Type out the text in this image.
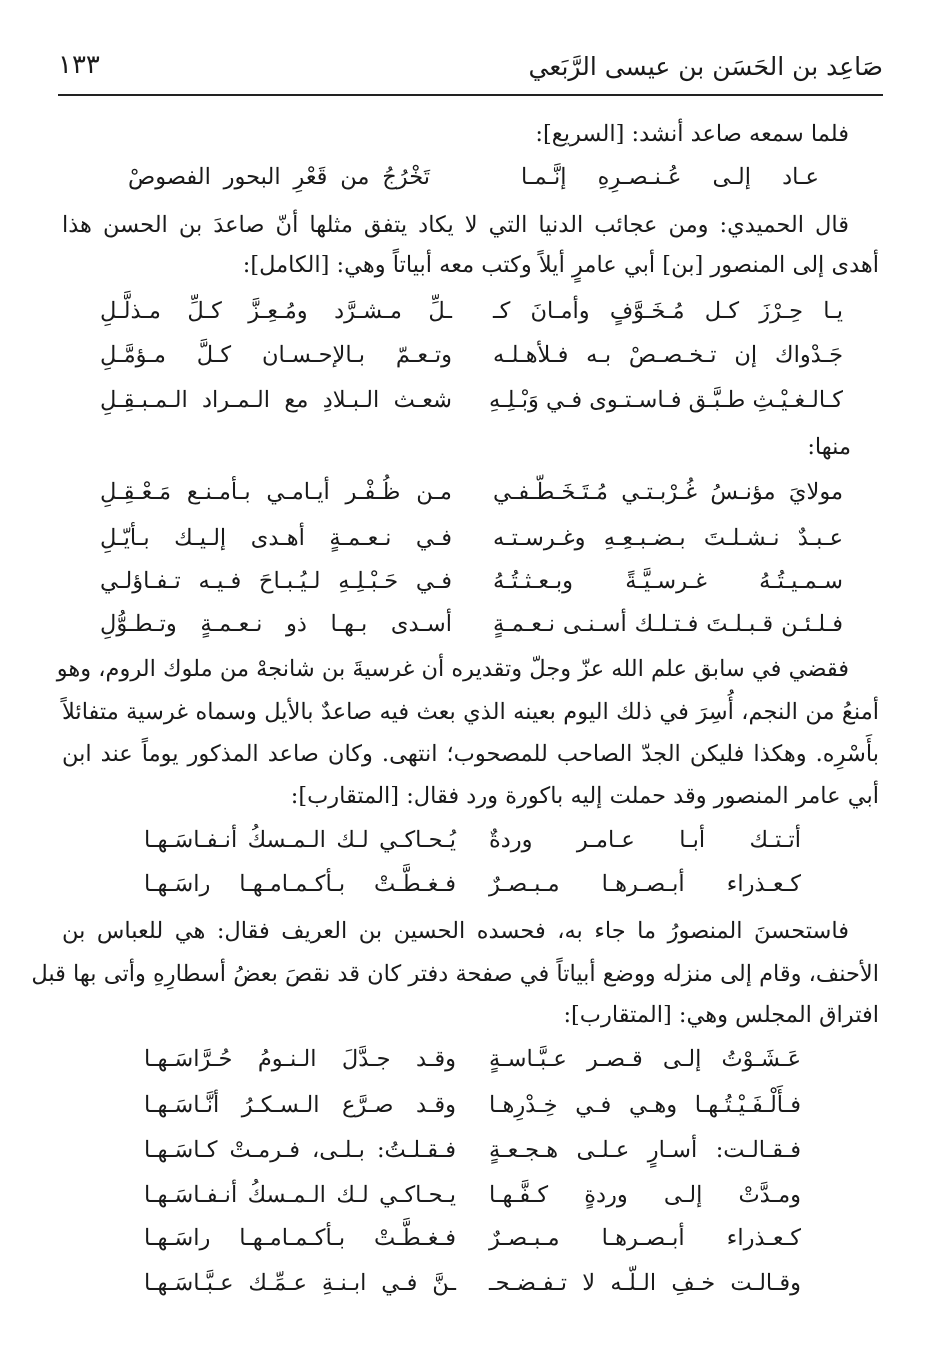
صَاعِد بن الحَسَن بن عيسى الرَّبَعي
١٣٣
فلما سمعه صاعد أنشد: [السريع]:
عـاد إلـى عُـنـصـرِهِ إنَّـمـا
تَخْرُجُ من قَعْرِ البحور الفصوصْ
قال الحميدي: ومن عجائب الدنيا التي لا يكاد يتفق مثلها أنّ صاعدَ بن الحسن هذا
أهدى إلى المنصور [بن] أبي عامرٍ أيلاً وكتب معه أبياتاً وهي: [الكامل]:
يـا حِـرْزَ كـل مُـخَـوَّفٍ وأمـانَ كـ
ـلِّ مـشـرَّد ومُـعِـزَّ كـلِّ مـذلَّـلِ
جَـدْواك إن تـخـصـصْ بـه فـلأهـلـه
وتـعـمّ بـالإحـسـان كـلَّ مـؤمَّـلِ
كـالـغـيْـثِ طـبَّـق فـاسـتـوى فـي وَبْـلِـهِ
شعـث الـبـلادِ مع الـمـراد الـمـبـقِـلِ
منها:
مولايَ مؤنـسُ غُـرْبـتـي مُـتَـخَـطّـفـي
مـن ظُـفْـر أيـامـي بـأمـنـع مَـعْـقِـلِ
عـبـدٌ نـشـلـتَ بـضـبـعِـهِ وغـرسـتـه
فـي نـعـمـةٍ أهـدى إلـيـك بـأيّـلِ
سـمـيـتُـهُ غـرسـيَّـةً وبـعـثـتُـهُ
فـي حَـبْـلِـهِ لـيُـبـاحَ فـيـه تـفـاؤلـي
فـلـئـن قـبـلـتَ فـتـلـك أسـنـى نـعـمـةٍ
أسـدى بـهـا ذو نـعـمـةٍ وتـطـوُّلِ
فقضي في سابق علم الله عزّ وجلّ وتقديره أن غرسيةَ بن شانجهْ من ملوك الروم، وهو
أمنعُ من النجم، أُسِرَ في ذلك اليوم بعينه الذي بعث فيه صاعدٌ بالأيل وسماه غرسية متفائلاً
بأَسْرِه. وهكذا فليكن الجدّ الصاحب للمصحوب؛ انتهى. وكان صاعد المذكور يوماً عند ابن
أبي عامر المنصور وقد حملت إليه باكورة ورد فقال: [المتقارب]:
أتـتـك أبـا عـامـر وردةٌ
يُـحـاكـي لـك الـمـسكُ أنـفـاسَـهـا
كـعـذراء أبـصـرهـا مـبـصـرٌ
فـغـطَّـتْ بـأكـمـامـهـا راسَـهـا
فاستحسنَ المنصورُ ما جاء به، فحسده الحسين بن العريف فقال: هي للعباس بن
الأحنف، وقام إلى منزله ووضع أبياتاً في صفحة دفتر كان قد نقصَ بعضُ أسطارِهِ وأتى بها قبل
افتراق المجلس وهي: [المتقارب]:
عَـشَـوْتُ إلـى قـصـر عـبَّـاسـةٍ
وقـد جـدَّلَ الـنـومُ حُـرَّاسَـهـا
فـأَلْـفَـيْـتُـهـا وهـي فـي خِـدْرِهـا
وقـد صـرَّع الـسـكـرُ أنَّـاسَـهـا
فـقـالـت: أسـارٍ عـلـى هـجـعـةٍ
فـقـلـتُ: بـلـى، فـرمـتْ كـاسَـهـا
ومـدَّتْ إلـى وردةٍ كـفَّـهـا
يـحـاكـي لـك الـمـسكُ أنـفـاسَـهـا
كـعـذراء أبـصـرهـا مـبـصـرٌ
فـغـطَّـتْ بـأكـمـامـهـا راسَـهـا
وقـالـت خـفِ الـلّـه لا تـفـضـحـ
ـنَّ فـي ابـنـةِ عـمِّـك عـبَّـاسَـهـا
